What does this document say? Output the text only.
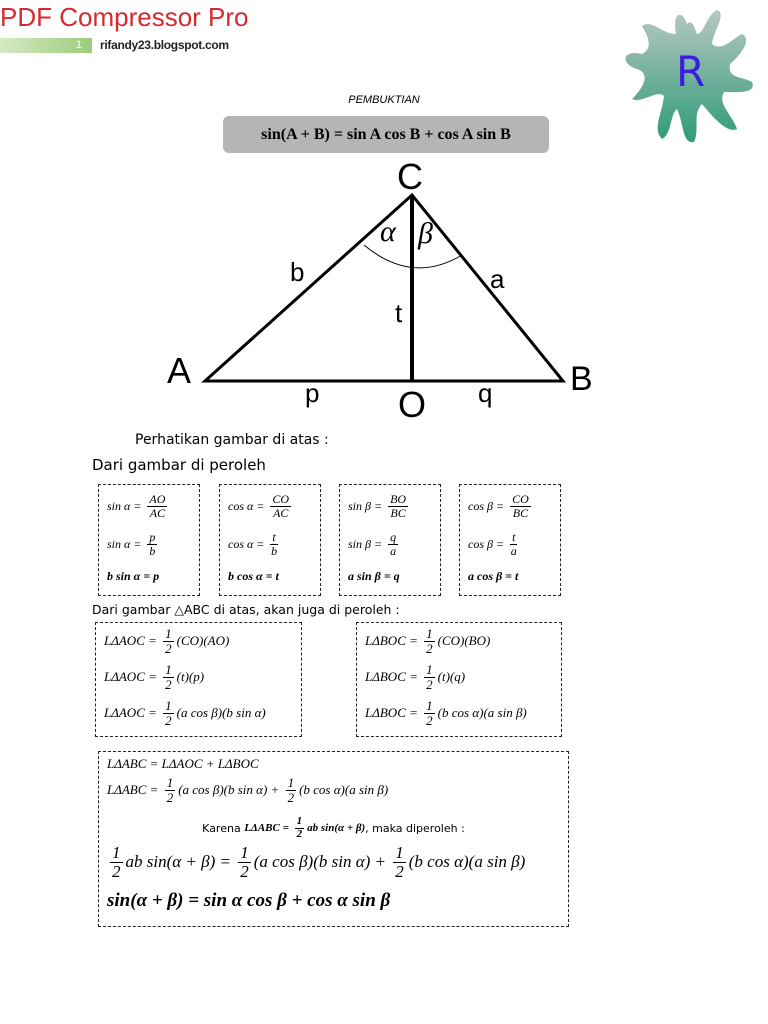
PDF Compressor Pro
1	rifandy23.blogspot.com
R
PEMBUKTIAN
sin(A + B) = sin A cos B + cos A sin B
C
α β
b	a
t
A	B
p O q
Perhatikan gambar di atas :
Dari gambar di peroleh
Dari gambar △ABC di atas, akan juga di peroleh :
$\sin \alpha = \frac{AO}{AC}$
$\sin \alpha = \frac{p}{b}$
b sin α = p
$\cos \alpha = \frac{CO}{AC}$
$\cos \alpha = \frac{t}{b}$
b cos α = t
$\sin \beta = \frac{BO}{BC}$
$\sin \beta = \frac{q}{a}$
a sin β = q
$\cos \beta = \frac{CO}{BC}$
$\cos \beta = \frac{t}{a}$
a cos β = t
$L\Delta AOC = \frac{1}{2} (CO)(AO)$
$L\Delta AOC = \frac{1}{2} (t)(p)$
$L\Delta AOC = \frac{1}{2} (a$ cos β)(b sin α)
$L\Delta BOC = \frac{1}{2} (CO)(BO)$
$L\Delta BOC = \frac{1}{2} (t)(q)$
$L\Delta BOC = \frac{1}{2} (b$ cos α)(a sin β)
LΔABC = LΔAOC + LΔBOC
$L\Delta ABC = \frac{1}{2} (a$ cos β)(b $\sin \alpha) + \frac{1}{2} (b$ cos α)(a sin β)
Karena $L\Delta ABC = \frac{1}{2}$ ab sin(α + β) , maka diperoleh :
$\frac{1}{2}$ ab $\sin(\alpha + \beta) = \frac{1}{2} (a$ cos β)(b $\sin \alpha) + \frac{1}{2} (b$ cos α)(a sin β)
sin(α + β) = sin α cos β + cos α sin β
